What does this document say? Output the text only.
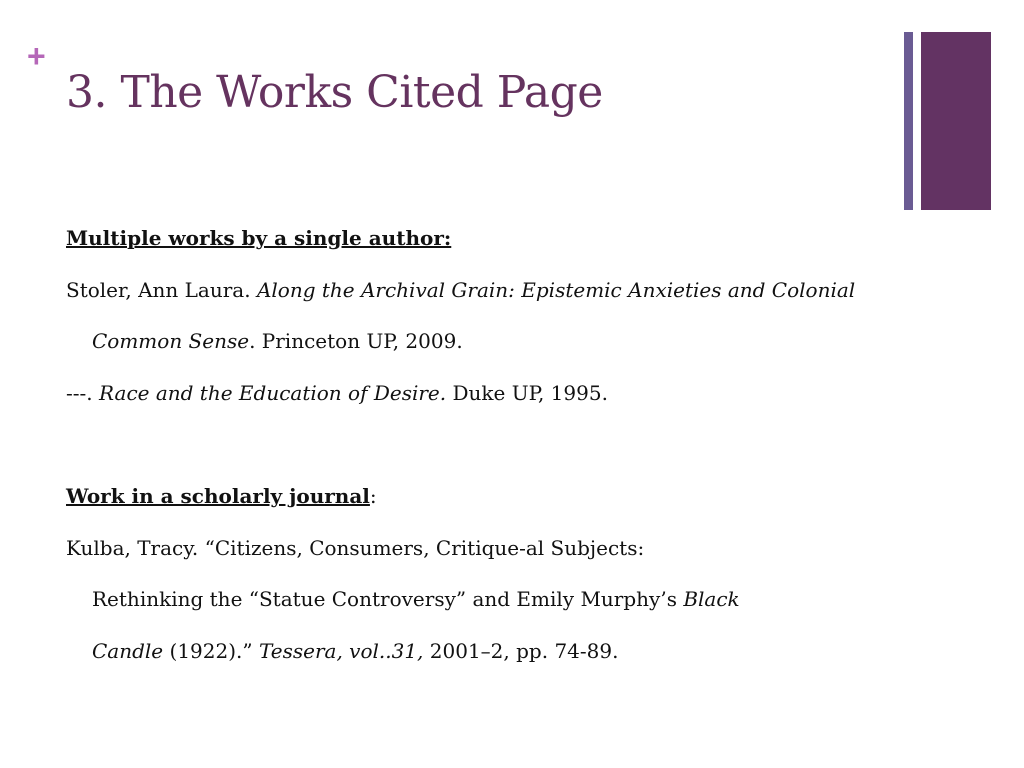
+
3. The Works Cited Page
Multiple works by a single author:
Stoler, Ann Laura. Along the Archival Grain: Epistemic Anxieties and Colonial
Common Sense. Princeton UP, 2009.
---. Race and the Education of Desire. Duke UP, 1995.
Work in a scholarly journal:
Kulba, Tracy. “Citizens, Consumers, Critique-al Subjects:
Rethinking the “Statue Controversy” and Emily Murphy’s Black
Candle (1922).” Tessera, vol..31, 2001–2, pp. 74-89.
